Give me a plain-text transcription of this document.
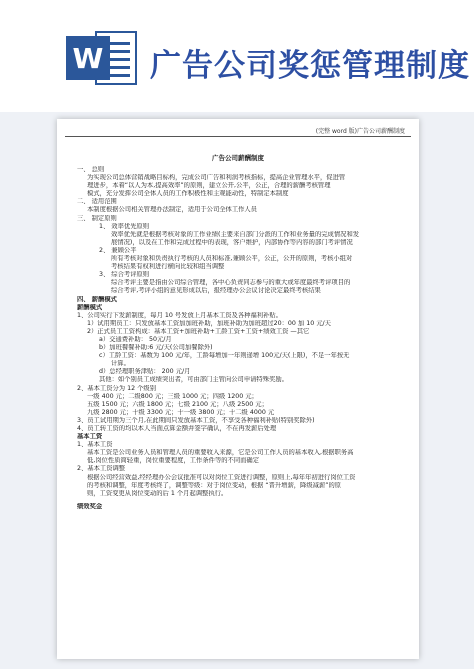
W 广告公司奖惩管理制度
(完整 word 版)广告公司薪酬制度
广告公司薪酬制度
一、 总则
为实现公司总体营销战略目标构，完成公司广告和利润考核指标，提高企业管理水平，促进管
理进步，本着“以人为本,提高效率”的原则，建立公开,公平，公正，合理的薪酬考核管理
模式，充分发挥公司全体人员的工作积极性和主观能动性，特制定本制度
二、 适用范围
本制度根据公司相关管理办法制定，适用于公司全体工作人员
三、 制定原则
1、 效率优先原则
效率优先就是根据考核对象的工作业绩(主要来自部门分派的工作和业务量的完成情况和发
展情况)，以及在工作和完成过程中的表现，客户维护，内部协作等内容的部门考评情况
2、 兼顾公平
所有考核对象和负责执行考核的人员和标准,兼顾公平，公正，公开的原则，考核小组对
考核结果有权利进行横向比较和组当调整
3、 综合考评原则
综合考评主要是指由公司综合管理，各中心负责同志参与的重大或年度最终考评项目的
综合考评,考评小组的意见形成以后，报经理办公会议讨论决定最终考核结果
四、 薪酬模式
薪酬模式
1、公司实行下发薪制度，每月 10 号发放上月基本工资及各种福利补贴。
1）试用期员工：只发放基本工资加加班补助，加班补助为加班超过20：00 加 10 元/天
2）正式员工工资构成：基本工资+加班补助+工龄工资+工资+绩效工资 —其它
a）交通费补助： 50元/月
b）加班餐餐补助:6 元/天(公司加餐除外)
c）工龄工资：基数为 100 元/年，工龄每增加一年则递增 100元/天(上限)，不足一年按无
计算。
d）总经理职务津贴： 200 元/月
其他：如个别员工成绩突出者，可由部门主管向公司申请特殊奖励。
2、基本工资分为 12 个级别
一级 400 元；二级800 元；三级 1000 元；四级 1200 元；
五级 1500 元；六级 1800 元；七级 2100 元；八级 2500 元；
九级 2800 元；十级 3300 元；十一级 3800 元；十二级 4000 元
3、员工试用期为三个月,在此期间只发放基本工资，不享受各种福利补贴(特别奖除外)
4、员工转工资的均以本人当面点算金额并签字确认，不在再发薪后处理
基本工资
1、基本工资
基本工资是公司业务人员和管理人员的重要收入来源，它是公司工作人员的基本收入,根据职务高
低,岗位性质简轻重，岗位重要程度，工作条件等的不同而确定
2、基本工资调整
根据公司经营效益,经经理办公会议批准可以对岗位工资进行调整，原则上,每年年初进行岗位工资
的考核和调整，年度考核终了，调整等级：对于岗位变动，根据 “晋升增薪，降级减薪”的原
则，工资变更从岗位变动的后 1 个月起调整执行。
绩效奖金
